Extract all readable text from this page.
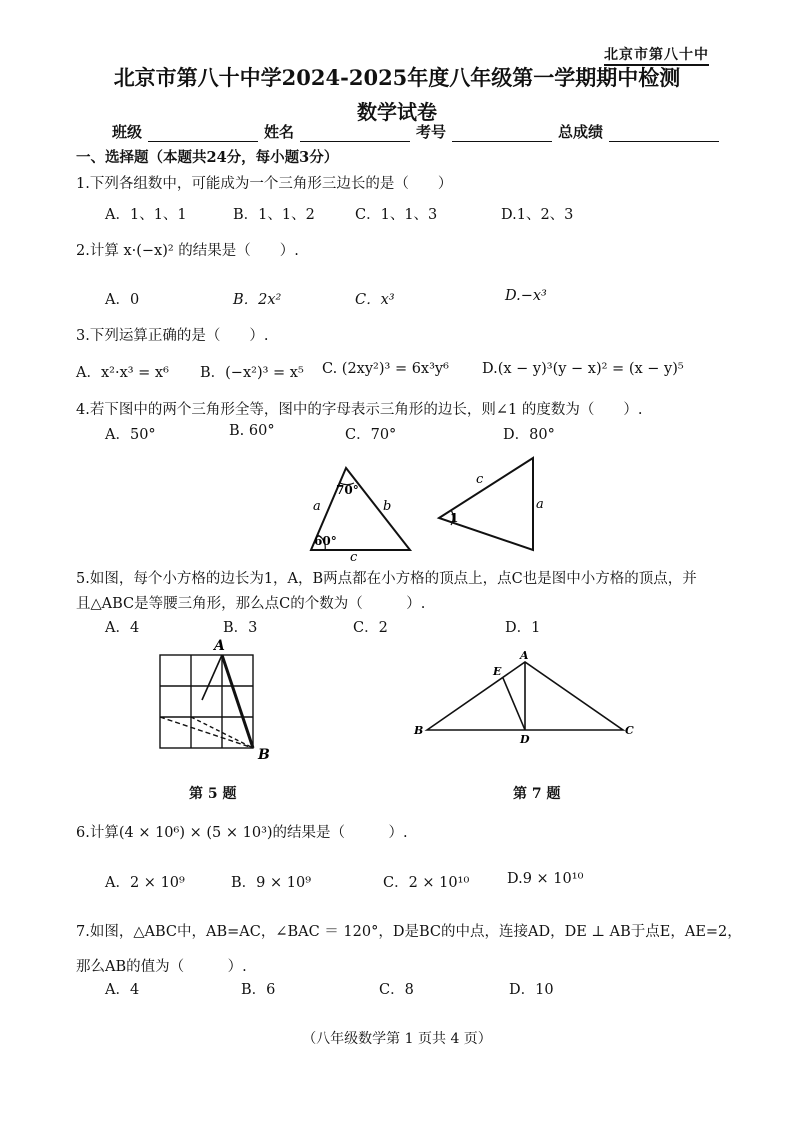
北京市第八十中
北京市第八十中学2024-2025年度八年级第一学期期中检测
数学试卷
班级	姓名	考号	总成绩
一、选择题（本题共24分，每小题3分）
1.下列各组数中，可能成为一个三角形三边长的是（　　）
A．1、1、1	B．1、1、2	C．1、1、3	D.1、2、3
2.计算 x·(−x)² 的结果是（　　）.
A．0	B．2x²	C．x³	D.−x³
3.下列运算正确的是（　　）.
A．x²·x³ = x⁶ B．(−x²)³ = x⁵ C. (2xy²)³ = 6x³y⁶ D.(x − y)³(y − x)² = (x − y)⁵
4.若下图中的两个三角形全等，图中的字母表示三角形的边长，则∠1 的度数为（　　）.
A．50°	B. 60°	C．70°	D．80°
70°
60°
a	b
c
1
c
a
5.如图，每个小方格的边长为1，A，B两点都在小方格的顶点上，点C也是图中小方格的顶点，并
且△ABC是等腰三角形，那么点C的个数为（　　　）.
A．4	B．3	C．2	D．1
A
B
A
B	C
D
E
第 5 题	第 7 题
6.计算(4 × 10⁶) × (5 × 10³)的结果是（　　　）.
A．2 × 10⁹	B．9 × 10⁹	C．2 × 10¹⁰	D.9 × 10¹⁰
7.如图，△ABC中，AB=AC，∠BAC ＝ 120°，D是BC的中点，连接AD，DE ⊥ AB于点E，AE=2，
那么AB的值为（　　　）.
A．4	B．6	C．8	D．10
（八年级数学第 1 页共 4 页）
